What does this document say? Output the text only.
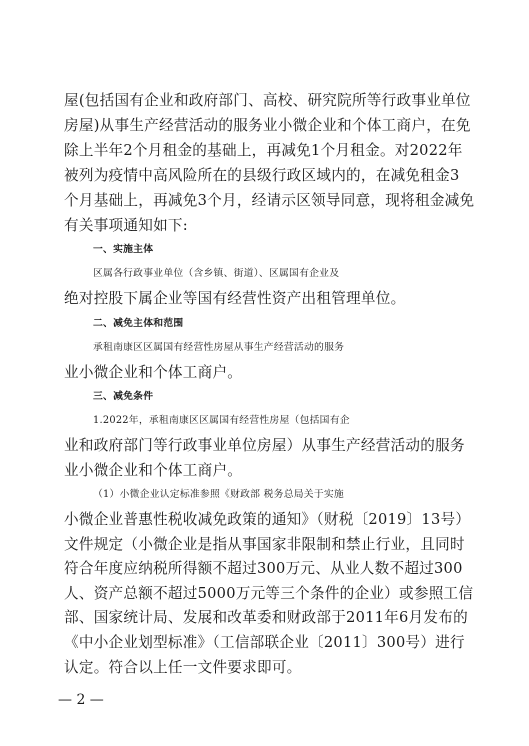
屋(包括国有企业和政府部门、高校、研究院所等行政事业单位
房屋)从事生产经营活动的服务业小微企业和个体工商户，在免
除上半年2个月租金的基础上，再减免1个月租金。对2022年
被列为疫情中高风险所在的县级行政区域内的，在减免租金3
个月基础上，再减免3个月，经请示区领导同意，现将租金减免
有关事项通知如下:
一、实施主体
区属各行政事业单位（含乡镇、街道）、区属国有企业及
绝对控股下属企业等国有经营性资产出租管理单位。
二、减免主体和范围
承租南康区区属国有经营性房屋从事生产经营活动的服务
业小微企业和个体工商户。
三、减免条件
1.2022年，承租南康区区属国有经营性房屋（包括国有企
业和政府部门等行政事业单位房屋）从事生产经营活动的服务
业小微企业和个体工商户。
（1）小微企业认定标准参照《财政部 税务总局关于实施
小微企业普惠性税收减免政策的通知》（财税〔2019〕13号）
文件规定（小微企业是指从事国家非限制和禁止行业，且同时
符合年度应纳税所得额不超过300万元、从业人数不超过300
人、资产总额不超过5000万元等三个条件的企业）或参照工信
部、国家统计局、发展和改革委和财政部于2011年6月发布的
《中小企业划型标准》（工信部联企业〔2011〕300号）进行
认定。符合以上任一文件要求即可。
— 2 —
